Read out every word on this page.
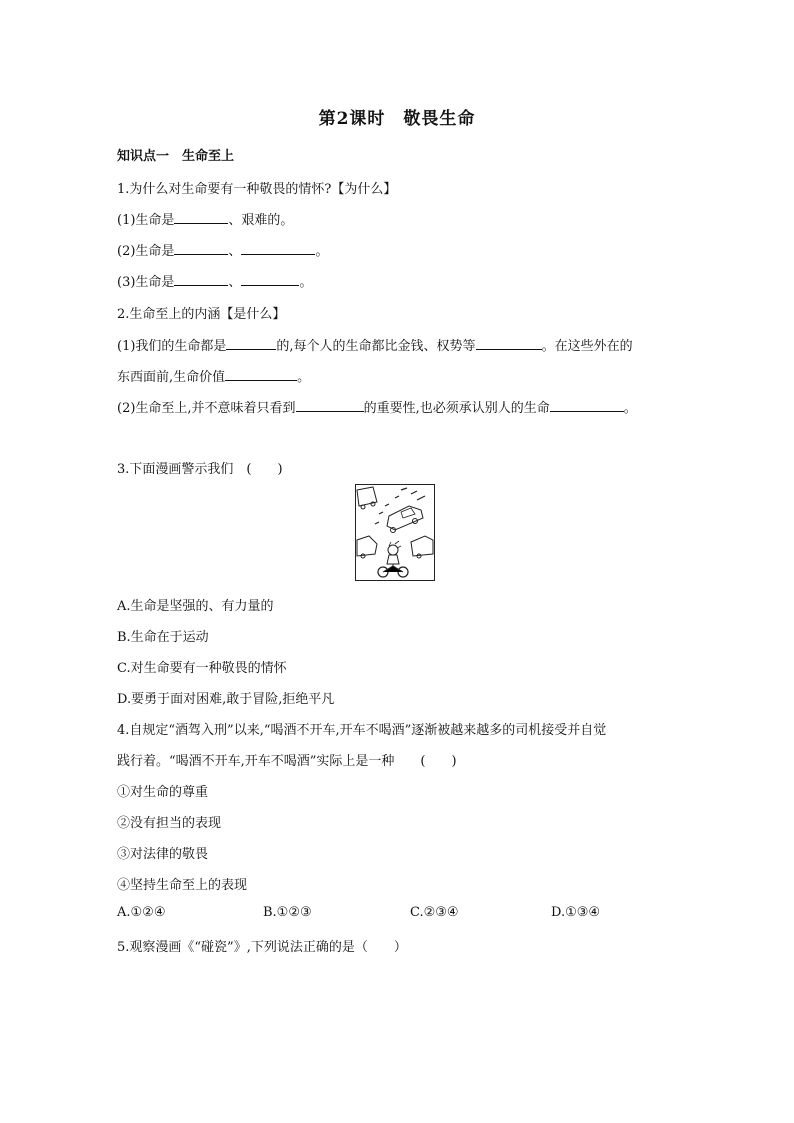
第2课时　敬畏生命
知识点一　生命至上
1.为什么对生命要有一种敬畏的情怀?【为什么】
(1)生命是	、艰难的。
(2)生命是	、	。
(3)生命是	、	。
2.生命至上的内涵【是什么】
(1)我们的生命都是	的,每个人的生命都比金钱、权势等	。在这些外在的
东西面前,生命价值	。
(2)生命至上,并不意味着只看到	的重要性,也必须承认别人的生命	。
3.下面漫画警示我们　(　　)
A.生命是坚强的、有力量的
B.生命在于运动
C.对生命要有一种敬畏的情怀
D.要勇于面对困难,敢于冒险,拒绝平凡
4.自规定“酒驾入刑”以来,“喝酒不开车,开车不喝酒”逐渐被越来越多的司机接受并自觉
践行着。“喝酒不开车,开车不喝酒”实际上是一种　　(　　)
①对生命的尊重
②没有担当的表现
③对法律的敬畏
④坚持生命至上的表现
A.①②④	B.①②③	C.②③④	D.①③④
5.观察漫画《“碰瓷”》,下列说法正确的是（　　）
